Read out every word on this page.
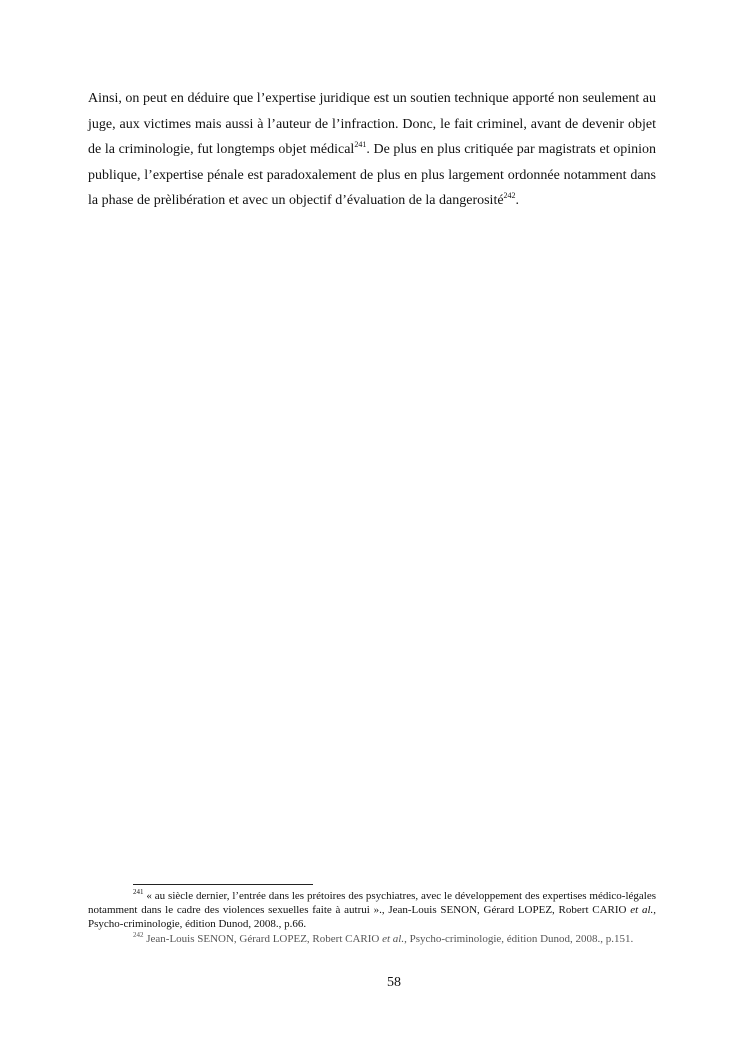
Ainsi, on peut en déduire que l’expertise juridique est un soutien technique apporté non seulement au juge, aux victimes mais aussi à l’auteur de l’infraction. Donc, le fait criminel, avant de devenir objet de la criminologie, fut longtemps objet médical$^{241}$. De plus en plus critiquée par magistrats et opinion publique, l’expertise pénale est paradoxalement de plus en plus largement ordonnée notamment dans la phase de prèlibération et avec un objectif d’évaluation de la dangerosité$^{242}$.

$^{241}$ « au siècle dernier, l’entrée dans les prétoires des psychiatres, avec le développement des expertises médico-légales notamment dans le cadre des violences sexuelles faite à autrui »., Jean-Louis SENON, Gérard LOPEZ, Robert CARIO et al., Psycho-criminologie, édition Dunod, 2008., p.66.

$^{242}$ Jean-Louis SENON, Gérard LOPEZ, Robert CARIO et al., Psycho-criminologie, édition Dunod, 2008., p.151.

58
